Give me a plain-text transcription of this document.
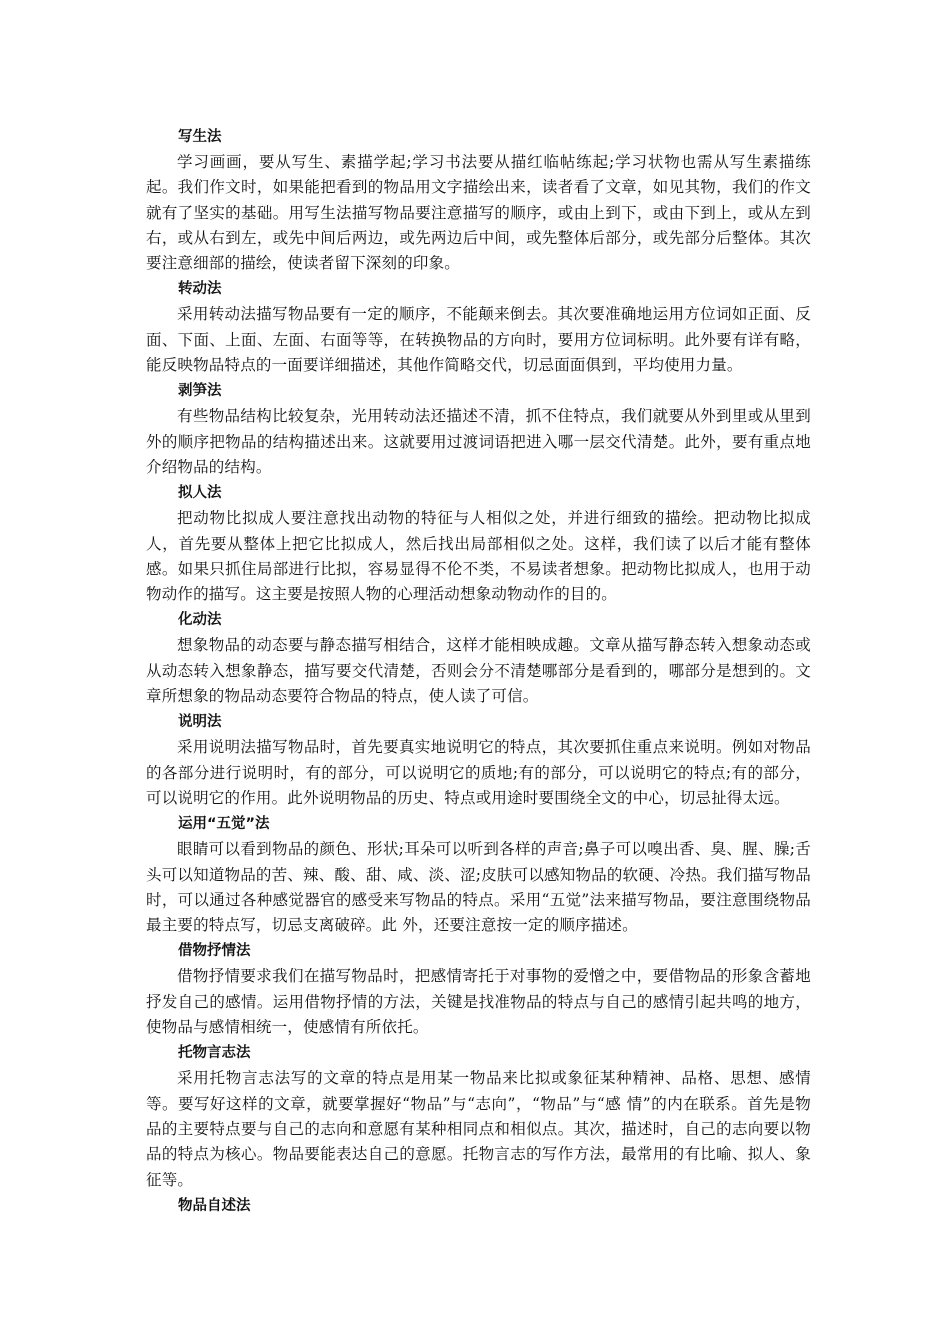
写生法

学习画画，要从写生、素描学起;学习书法要从描红临帖练起;学习状物也需从写生素描练起。我们作文时，如果能把看到的物品用文字描绘出来，读者看了文章，如见其物，我们的作文就有了坚实的基础。用写生法描写物品要注意描写的顺序，或由上到下，或由下到上，或从左到右，或从右到左，或先中间后两边，或先两边后中间，或先整体后部分，或先部分后整体。其次要注意细部的描绘，使读者留下深刻的印象。

转动法

采用转动法描写物品要有一定的顺序，不能颠来倒去。其次要准确地运用方位词如正面、反面、下面、上面、左面、右面等等，在转换物品的方向时，要用方位词标明。此外要有详有略，能反映物品特点的一面要详细描述，其他作简略交代，切忌面面俱到，平均使用力量。

剥笋法

有些物品结构比较复杂，光用转动法还描述不清，抓不住特点，我们就要从外到里或从里到外的顺序把物品的结构描述出来。这就要用过渡词语把进入哪一层交代清楚。此外，要有重点地介绍物品的结构。

拟人法

把动物比拟成人要注意找出动物的特征与人相似之处，并进行细致的描绘。把动物比拟成人，首先要从整体上把它比拟成人，然后找出局部相似之处。这样，我们读了以后才能有整体感。如果只抓住局部进行比拟，容易显得不伦不类，不易读者想象。把动物比拟成人，也用于动物动作的描写。这主要是按照人物的心理活动想象动物动作的目的。

化动法

想象物品的动态要与静态描写相结合，这样才能相映成趣。文章从描写静态转入想象动态或从动态转入想象静态，描写要交代清楚，否则会分不清楚哪部分是看到的，哪部分是想到的。文章所想象的物品动态要符合物品的特点，使人读了可信。

说明法

采用说明法描写物品时，首先要真实地说明它的特点，其次要抓住重点来说明。例如对物品的各部分进行说明时，有的部分，可以说明它的质地;有的部分，可以说明它的特点;有的部分，可以说明它的作用。此外说明物品的历史、特点或用途时要围绕全文的中心，切忌扯得太远。

运用“五觉”法

眼睛可以看到物品的颜色、形状;耳朵可以听到各样的声音;鼻子可以嗅出香、臭、腥、臊;舌头可以知道物品的苦、辣、酸、甜、咸、淡、涩;皮肤可以感知物品的软硬、冷热。我们描写物品时，可以通过各种感觉器官的感受来写物品的特点。采用“五觉”法来描写物品，要注意围绕物品最主要的特点写，切忌支离破碎。此 外，还要注意按一定的顺序描述。

借物抒情法

借物抒情要求我们在描写物品时，把感情寄托于对事物的爱憎之中，要借物品的形象含蓄地抒发自己的感情。运用借物抒情的方法，关键是找准物品的特点与自己的感情引起共鸣的地方，使物品与感情相统一，使感情有所依托。

托物言志法

采用托物言志法写的文章的特点是用某一物品来比拟或象征某种精神、品格、思想、感情等。要写好这样的文章，就要掌握好“物品”与“志向”，“物品”与“感 情”的内在联系。首先是物品的主要特点要与自己的志向和意愿有某种相同点和相似点。其次，描述时，自己的志向要以物品的特点为核心。物品要能表达自己的意愿。托物言志的写作方法，最常用的有比喻、拟人、象征等。

物品自述法
